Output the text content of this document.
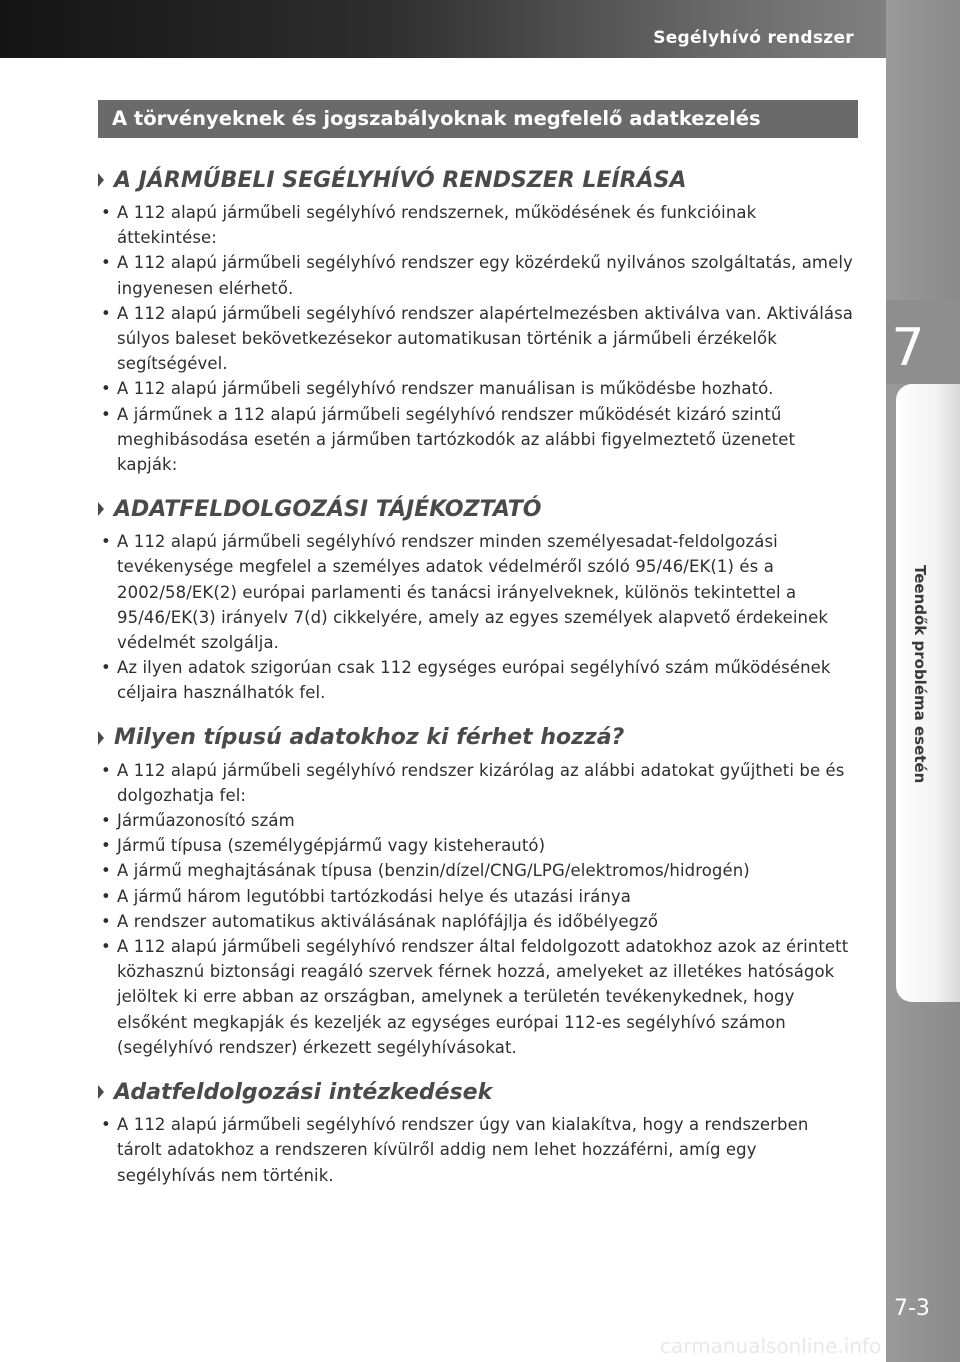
Segélyhívó rendszer
7
Teendők probléma esetén
A törvényeknek és jogszabályoknak megfelelő adatkezelés
A JÁRMŰBELI SEGÉLYHÍVÓ RENDSZER LEÍRÁSA
• A 112 alapú járműbeli segélyhívó rendszernek, működésének és funkcióinak áttekintése:
• A 112 alapú járműbeli segélyhívó rendszer egy közérdekű nyilvános szolgáltatás, amely ingyenesen elérhető.
• A 112 alapú járműbeli segélyhívó rendszer alapértelmezésben aktiválva van. Aktiválása súlyos baleset bekövetkezésekor automatikusan történik a járműbeli érzékelők segítségével.
• A 112 alapú járműbeli segélyhívó rendszer manuálisan is működésbe hozható.
• A járműnek a 112 alapú járműbeli segélyhívó rendszer működését kizáró szintű meghibásodása esetén a járműben tartózkodók az alábbi figyelmeztető üzenetet kapják:
ADATFELDOLGOZÁSI TÁJÉKOZTATÓ
• A 112 alapú járműbeli segélyhívó rendszer minden személyesadat-feldolgozási tevékenysége megfelel a személyes adatok védelméről szóló 95/46/EK(1) és a 2002/58/EK(2) európai parlamenti és tanácsi irányelveknek, különös tekintettel a 95/46/EK(3) irányelv 7(d) cikkelyére, amely az egyes személyek alapvető érdekeinek védelmét szolgálja.
• Az ilyen adatok szigorúan csak 112 egységes európai segélyhívó szám működésének céljaira használhatók fel.
Milyen típusú adatokhoz ki férhet hozzá?
• A 112 alapú járműbeli segélyhívó rendszer kizárólag az alábbi adatokat gyűjtheti be és dolgozhatja fel:
• Járműazonosító szám
• Jármű típusa (személygépjármű vagy kisteherautó)
• A jármű meghajtásának típusa (benzin/dízel/CNG/LPG/elektromos/hidrogén)
• A jármű három legutóbbi tartózkodási helye és utazási iránya
• A rendszer automatikus aktiválásának naplófájlja és időbélyegző
• A 112 alapú járműbeli segélyhívó rendszer által feldolgozott adatokhoz azok az érintett közhasznú biztonsági reagáló szervek férnek hozzá, amelyeket az illetékes hatóságok jelöltek ki erre abban az országban, amelynek a területén tevékenykednek, hogy elsőként megkapják és kezeljék az egységes európai 112-es segélyhívó számon (segélyhívó rendszer) érkezett segélyhívásokat.
Adatfeldolgozási intézkedések
• A 112 alapú járműbeli segélyhívó rendszer úgy van kialakítva, hogy a rendszerben tárolt adatokhoz a rendszeren kívülről addig nem lehet hozzáférni, amíg egy segélyhívás nem történik.
7-3
carmanualsonline.info
